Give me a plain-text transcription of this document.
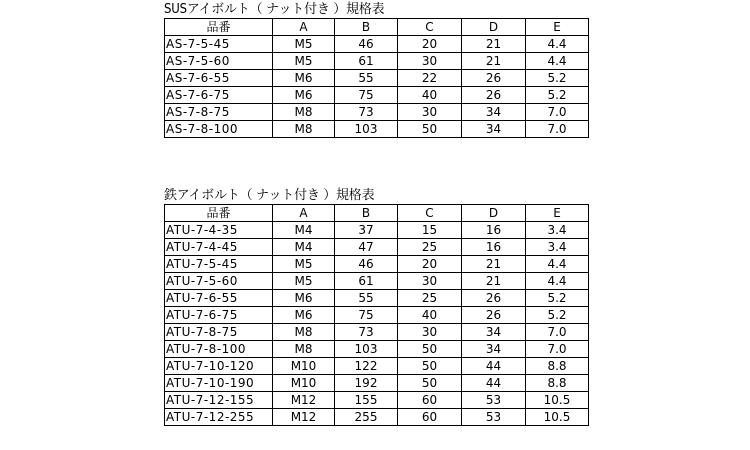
SUSアイボルト（ ナット付き ）規格表
品番	A	B	C	D	E
AS-7-5-45	M5	46	20	21	4.4
AS-7-5-60	M5	61	30	21	4.4
AS-7-6-55	M6	55	22	26	5.2
AS-7-6-75	M6	75	40	26	5.2
AS-7-8-75	M8	73	30	34	7.0
AS-7-8-100	M8	103	50	34	7.0
鉄アイボルト（ ナット付き ）規格表
品番	A	B	C	D	E
ATU-7-4-35	M4	37	15	16	3.4
ATU-7-4-45	M4	47	25	16	3.4
ATU-7-5-45	M5	46	20	21	4.4
ATU-7-5-60	M5	61	30	21	4.4
ATU-7-6-55	M6	55	25	26	5.2
ATU-7-6-75	M6	75	40	26	5.2
ATU-7-8-75	M8	73	30	34	7.0
ATU-7-8-100	M8	103	50	34	7.0
ATU-7-10-120	M10	122	50	44	8.8
ATU-7-10-190	M10	192	50	44	8.8
ATU-7-12-155	M12	155	60	53	10.5
ATU-7-12-255	M12	255	60	53	10.5
